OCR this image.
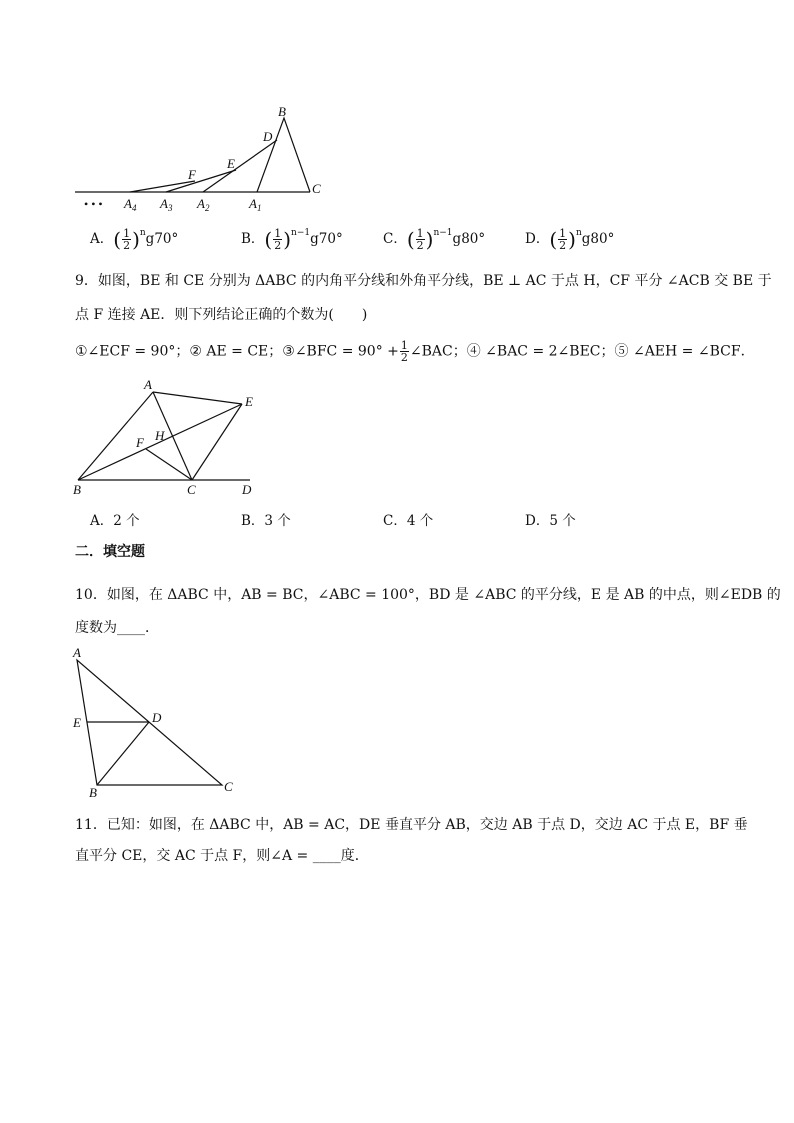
B
C
D
E
F
$A_1$
$A_2$
$A_3$
$A_4$
• • •
A．( $\frac{1}{2} )^ng70^\circ$	B．( $\frac{1}{2} )^{n-1}g70^\circ$	C．( $\frac{1}{2} )^{n-1}g80^\circ$	D．( $\frac{1}{2} )^ng80^\circ$
9．如图，BE 和 CE 分别为 ΔABC 的内角平分线和外角平分线，BE ⊥ AC 于点 H，CF 平分 ∠ACB 交 BE 于
点 F 连接 AE．则下列结论正确的个数为(　　)
①∠ECF = 90°；② AE = CE；③∠BFC = $90^\circ + \frac{1}{2}$ ∠BAC；④ ∠BAC = 2∠BEC；⑤ ∠AEH = ∠BCF．
A
B	C	D
E
F H
A．2 个	B．3 个	C．4 个	D．5 个
二．填空题
10．如图，在 ΔABC 中，AB = BC，∠ABC = 100°，BD 是 ∠ABC 的平分线，E 是 AB 的中点，则∠EDB 的
度数为____．
A
B	C
D
E
11．已知：如图，在 ΔABC 中，AB = AC，DE 垂直平分 AB，交边 AB 于点 D，交边 AC 于点 E，BF 垂
直平分 CE，交 AC 于点 F，则∠A = ____度．
